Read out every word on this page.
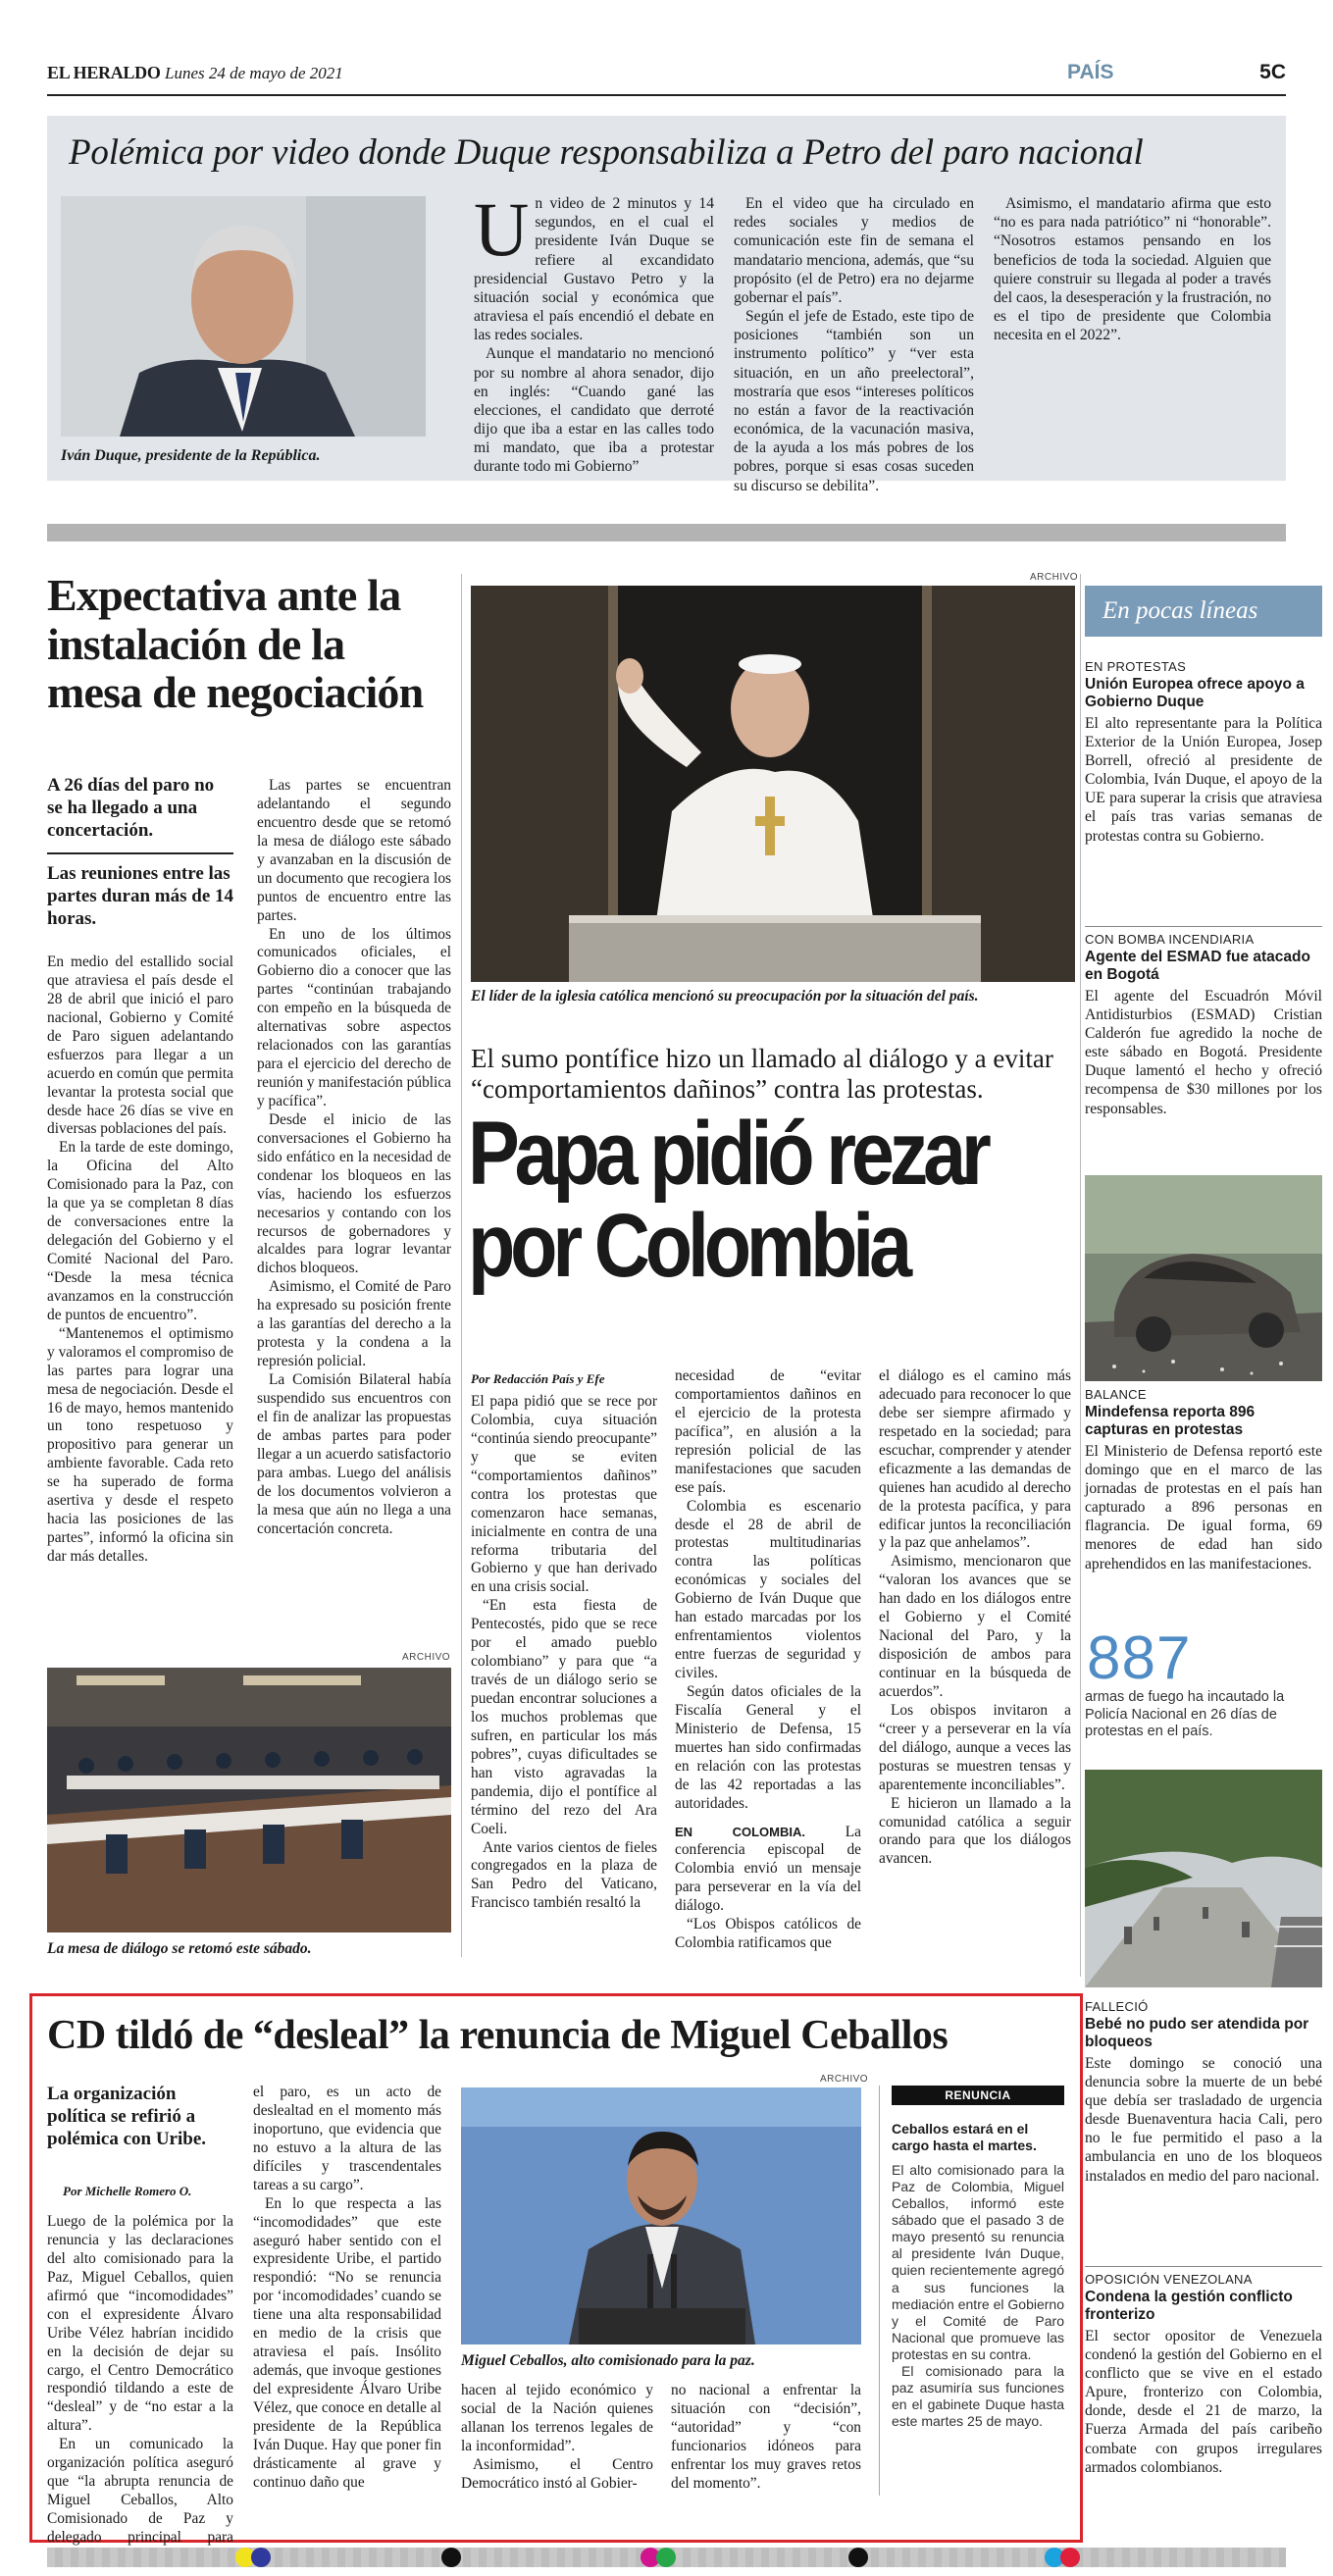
EL HERALDO Lunes 24 de mayo de 2021	PAÍS	5C
Polémica por video donde Duque responsabiliza a Petro del paro nacional
Iván Duque, presidente de la República.

Un video de 2 minutos y 14 segundos, en el cual el presidente Iván Duque se refiere al excandidato presidencial Gustavo Petro y la situación social y económica que atraviesa el país encendió el debate en las redes sociales.

Aunque el mandatario no mencionó por su nombre al ahora senador, dijo en inglés: “Cuando gané las elecciones, el candidato que derroté dijo que iba a estar en las calles todo mi mandato, que iba a protestar durante todo mi Gobierno”

En el video que ha circulado en redes sociales y medios de comunicación este fin de semana el mandatario menciona, además, que “su propósito (el de Petro) era no dejarme gobernar el país”.

Según el jefe de Estado, este tipo de posiciones “también son un instrumento político” y “ver esta situación, en un año preelectoral”, mostraría que esos “intereses políticos no están a favor de la reactivación económica, de la vacunación masiva, de la ayuda a los más pobres de los pobres, porque si esas cosas suceden su discurso se debilita”.

Asimismo, el mandatario afirma que esto “no es para nada patriótico” ni “honorable”. “Nosotros estamos pensando en los beneficios de toda la sociedad. Alguien que quiere construir su llegada al poder a través del caos, la desesperación y la frustración, no es el tipo de presidente que Colombia necesita en el 2022”.

Expectativa ante la instalación de la mesa de negociación
A 26 días del paro no se ha llegado a una concertación.
Las reuniones entre las partes duran más de 14 horas.

En medio del estallido social que atraviesa el país desde el 28 de abril que inició el paro nacional, Gobierno y Comité de Paro siguen adelantando esfuerzos para llegar a un acuerdo en común que permita levantar la protesta social que desde hace 26 días se vive en diversas poblaciones del país.

En la tarde de este domingo, la Oficina del Alto Comisionado para la Paz, con la que ya se completan 8 días de conversaciones entre la delegación del Gobierno y el Comité Nacional del Paro. “Desde la mesa técnica avanzamos en la construcción de puntos de encuentro”.

“Mantenemos el optimismo y valoramos el compromiso de las partes para lograr una mesa de negociación. Desde el 16 de mayo, hemos mantenido un tono respetuoso y propositivo para generar un ambiente favorable. Cada reto se ha superado de forma asertiva y desde el respeto hacia las posiciones de las partes”, informó la oficina sin dar más detalles.

Las partes se encuentran adelantando el segundo encuentro desde que se retomó la mesa de diálogo este sábado y avanzaban en la discusión de un documento que recogiera los puntos de encuentro entre las partes.

En uno de los últimos comunicados oficiales, el Gobierno dio a conocer que las partes “continúan trabajando con empeño en la búsqueda de alternativas sobre aspectos relacionados con las garantías para el ejercicio del derecho de reunión y manifestación pública y pacífica”.

Desde el inicio de las conversaciones el Gobierno ha sido enfático en la necesidad de condenar los bloqueos en las vías, haciendo los esfuerzos necesarios y contando con los recursos de gobernadores y alcaldes para lograr levantar dichos bloqueos.

Asimismo, el Comité de Paro ha expresado su posición frente a las garantías del derecho a la protesta y la condena a la represión policial.

La Comisión Bilateral había suspendido sus encuentros con el fin de analizar las propuestas de ambas partes para poder llegar a un acuerdo satisfactorio para ambas. Luego del análisis de los documentos volvieron a la mesa que aún no llega a una concertación concreta.

ARCHIVO
La mesa de diálogo se retomó este sábado.
ARCHIVO
El líder de la iglesia católica mencionó su preocupación por la situación del país.
El sumo pontífice hizo un llamado al diálogo y a evitar “comportamientos dañinos” contra las protestas.
Papa pidió rezar
por Colombia
Por Redacción País y Efe

El papa pidió que se rece por Colombia, cuya situación “continúa siendo preocupante” y que se eviten “comportamientos dañinos” contra los protestas que comenzaron hace semanas, inicialmente en contra de una reforma tributaria del Gobierno y que han derivado en una crisis social.

“En esta fiesta de Pentecostés, pido que se rece por el amado pueblo colombiano” y para que “a través de un diálogo serio se puedan encontrar soluciones a los muchos problemas que sufren, en particular los más pobres”, cuyas dificultades se han visto agravadas la pandemia, dijo el pontífice al término del rezo del Ara Coeli.

Ante varios cientos de fieles congregados en la plaza de San Pedro del Vaticano, Francisco también resaltó la

necesidad de “evitar comportamientos dañinos en el ejercicio de la protesta pacífica”, en alusión a la represión policial de las manifestaciones que sacuden ese país.

Colombia es escenario desde el 28 de abril de protestas multitudinarias contra las políticas económicas y sociales del Gobierno de Iván Duque que han estado marcadas por los enfrentamientos violentos entre fuerzas de seguridad y civiles.

Según datos oficiales de la Fiscalía General y el Ministerio de Defensa, 15 muertes han sido confirmadas en relación con las protestas de las 42 reportadas a las autoridades.

EN COLOMBIA.	La conferencia episcopal de Colombia envió un mensaje para perseverar en la vía del diálogo.

“Los Obispos católicos de Colombia ratificamos que

el diálogo es el camino más adecuado para reconocer lo que debe ser siempre afirmado y respetado en la sociedad; para escuchar, comprender y atender eficazmente a las demandas de quienes han acudido al derecho de la protesta pacífica, y para edificar juntos la reconciliación y la paz que anhelamos”.

Asimismo, mencionaron que “valoran los avances que se han dado en los diálogos entre el Gobierno y el Comité Nacional del Paro, y la disposición de ambos para continuar en la búsqueda de acuerdos”.

Los obispos invitaron a “creer y a perseverar en la vía del diálogo, aunque a veces las posturas se muestren tensas y aparentemente inconciliables”.

E hicieron un llamado a la comunidad católica a seguir orando para que los diálogos avancen.

En pocas líneas
EN PROTESTAS
Unión Europea ofrece apoyo a Gobierno Duque
El alto representante para la Política Exterior de la Unión Europea, Josep Borrell, ofreció al presidente de Colombia, Iván Duque, el apoyo de la UE para superar la crisis que atraviesa el país tras varias semanas de protestas contra su Gobierno.
CON BOMBA INCENDIARIA
Agente del ESMAD fue atacado en Bogotá
El agente del Escuadrón Móvil Antidisturbios (ESMAD) Cristian Calderón fue agredido la noche de este sábado en Bogotá. Presidente Duque lamentó el hecho y ofreció recompensa de $30 millones por los responsables.
BALANCE
Mindefensa reporta 896 capturas en protestas
El Ministerio de Defensa reportó este domingo que en el marco de las jornadas de protestas en el país han capturado a 896 personas en flagrancia. De igual forma, 69 menores de edad han sido aprehendidos en las manifestaciones.
887
armas de fuego ha incautado la Policía Nacional en 26 días de protestas en el país.
FALLECIÓ
Bebé no pudo ser atendida por bloqueos
Este domingo se conoció una denuncia sobre la muerte de un bebé que debía ser trasladado de urgencia desde Buenaventura hacia Cali, pero no le fue permitido el paso a la ambulancia en uno de los bloqueos instalados en medio del paro nacional.
OPOSICIÓN VENEZOLANA
Condena la gestión conflicto fronterizo
El sector opositor de Venezuela condenó la gestión del Gobierno en el conflicto que se vive en el estado Apure, fronterizo con Colombia, donde, desde el 21 de marzo, la Fuerza Armada del país caribeño combate con grupos irregulares armados colombianos.
CD tildó de “desleal” la renuncia de Miguel Ceballos
La organización política se refirió a polémica con Uribe.
Por Michelle Romero O.

Luego de la polémica por la renuncia y las declaraciones del alto comisionado para la Paz, Miguel Ceballos, quien afirmó que “incomodidades” con el expresidente Álvaro Uribe Vélez habrían incidido en la decisión de dejar su cargo, el Centro Democrático respondió tildando a este de “desleal” y de “no estar a la altura”.

En un comunicado la organización política aseguró que “la abrupta renuncia de Miguel Ceballos, Alto Comisionado de Paz y delegado principal para

el paro, es un acto de deslealtad en el momento más inoportuno, que evidencia que no estuvo a la altura de las difíciles y trascendentales tareas a su cargo”.

En lo que respecta a las “incomodidades” que este aseguró haber sentido con el expresidente Uribe, el partido respondió: “No se renuncia por ‘incomodidades’ cuando se tiene una alta responsabilidad en medio de la crisis que atraviesa el país. Insólito además, que invoque gestiones del expresidente Álvaro Uribe Vélez, que conoce en detalle al presidente de la República Iván Duque. Hay que poner fin drásticamente al grave y continuo daño que

ARCHIVO
Miguel Ceballos, alto comisionado para la paz.

hacen al tejido económico y social de la Nación quienes allanan los terrenos legales de la inconformidad”.

Asimismo, el Centro Democrático instó al Gobier-

no nacional a enfrentar la situación con “decisión”, “autoridad” y “con funcionarios idóneos para enfrentar los muy graves retos del momento”.

RENUNCIA
Ceballos estará en el cargo hasta el martes.

El alto comisionado para la Paz de Colombia, Miguel Ceballos, informó este sábado que el pasado 3 de mayo presentó su renuncia al presidente Iván Duque, quien recientemente agregó a sus funciones la mediación entre el Gobierno y el Comité de Paro Nacional que promueve las protestas en su contra.

El comisionado para la paz asumiría sus funciones en el gabinete Duque hasta este martes 25 de mayo.
